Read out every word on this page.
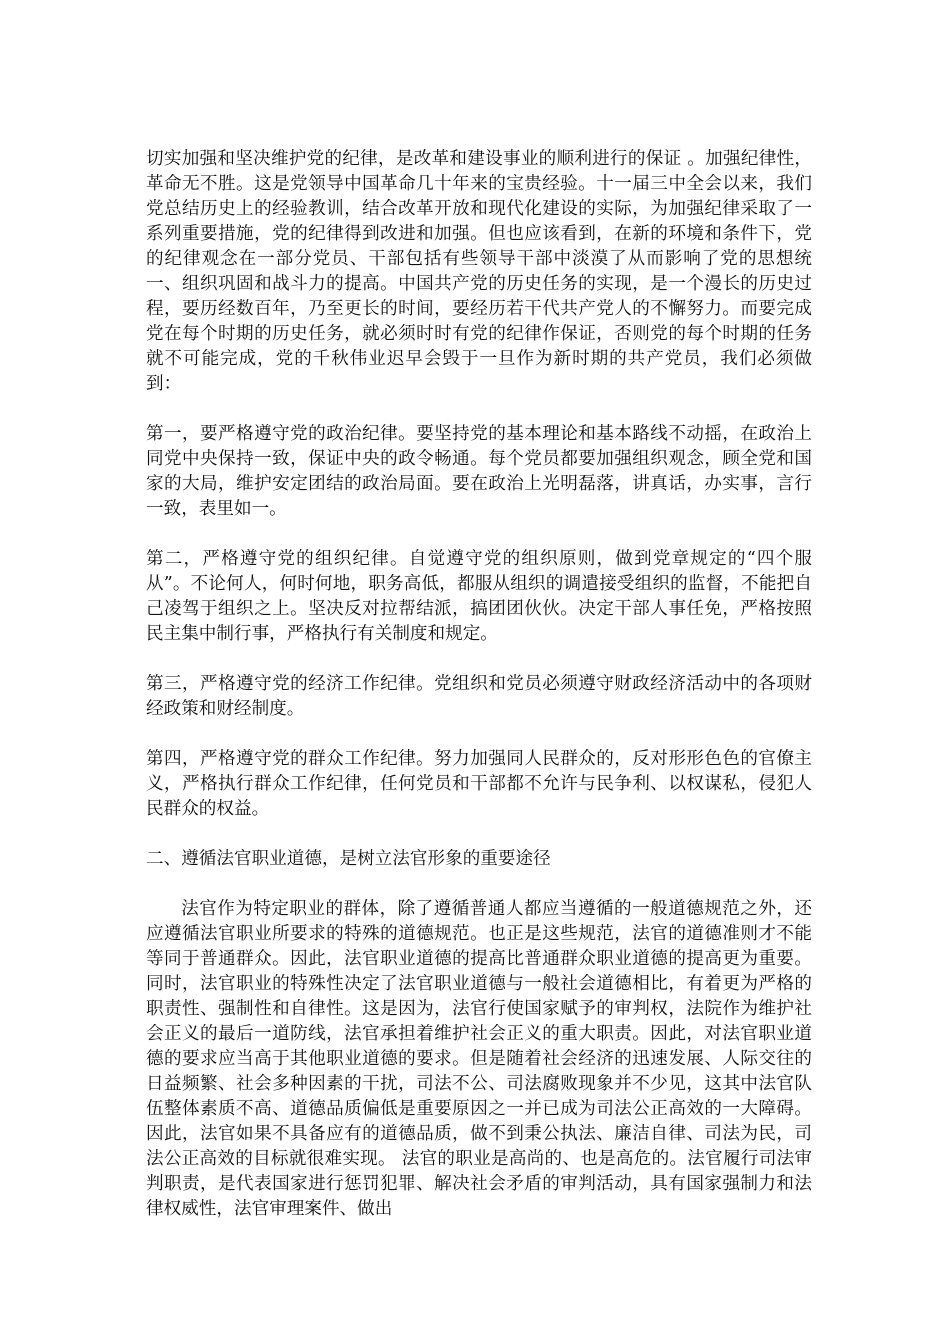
切实加强和坚决维护党的纪律，是改革和建设事业的顺利进行的保证 。加强纪律性，革命无不胜。这是党领导中国革命几十年来的宝贵经验。十一届三中全会以来，我们党总结历史上的经验教训，结合改革开放和现代化建设的实际，为加强纪律采取了一系列重要措施，党的纪律得到改进和加强。但也应该看到，在新的环境和条件下，党的纪律观念在一部分党员、干部包括有些领导干部中淡漠了从而影响了党的思想统一、组织巩固和战斗力的提高。中国共产党的历史任务的实现，是一个漫长的历史过程，要历经数百年，乃至更长的时间，要经历若干代共产党人的不懈努力。而要完成党在每个时期的历史任务，就必须时时有党的纪律作保证，否则党的每个时期的任务就不可能完成，党的千秋伟业迟早会毁于一旦作为新时期的共产党员，我们必须做到：

第一，要严格遵守党的政治纪律。要坚持党的基本理论和基本路线不动摇，在政治上同党中央保持一致，保证中央的政令畅通。每个党员都要加强组织观念，顾全党和国家的大局，维护安定团结的政治局面。要在政治上光明磊落，讲真话，办实事，言行一致，表里如一。

第二，严格遵守党的组织纪律。自觉遵守党的组织原则，做到党章规定的“四个服从”。不论何人，何时何地，职务高低，都服从组织的调遣接受组织的监督，不能把自己凌驾于组织之上。坚决反对拉帮结派，搞团团伙伙。决定干部人事任免，严格按照民主集中制行事，严格执行有关制度和规定。

第三，严格遵守党的经济工作纪律。党组织和党员必须遵守财政经济活动中的各项财经政策和财经制度。

第四，严格遵守党的群众工作纪律。努力加强同人民群众的，反对形形色色的官僚主义，严格执行群众工作纪律，任何党员和干部都不允许与民争利、以权谋私，侵犯人民群众的权益。

二、遵循法官职业道德，是树立法官形象的重要途径

法官作为特定职业的群体，除了遵循普通人都应当遵循的一般道德规范之外，还应遵循法官职业所要求的特殊的道德规范。也正是这些规范，法官的道德准则才不能等同于普通群众。因此，法官职业道德的提高比普通群众职业道德的提高更为重要。同时，法官职业的特殊性决定了法官职业道德与一般社会道德相比，有着更为严格的职责性、强制性和自律性。这是因为，法官行使国家赋予的审判权，法院作为维护社会正义的最后一道防线，法官承担着维护社会正义的重大职责。因此，对法官职业道德的要求应当高于其他职业道德的要求。但是随着社会经济的迅速发展、人际交往的日益频繁、社会多种因素的干扰，司法不公、司法腐败现象并不少见，这其中法官队伍整体素质不高、道德品质偏低是重要原因之一并已成为司法公正高效的一大障碍。因此，法官如果不具备应有的道德品质，做不到秉公执法、廉洁自律、司法为民，司法公正高效的目标就很难实现。 法官的职业是高尚的、也是高危的。法官履行司法审判职责，是代表国家进行惩罚犯罪、解决社会矛盾的审判活动，具有国家强制力和法律权威性，法官审理案件、做出
